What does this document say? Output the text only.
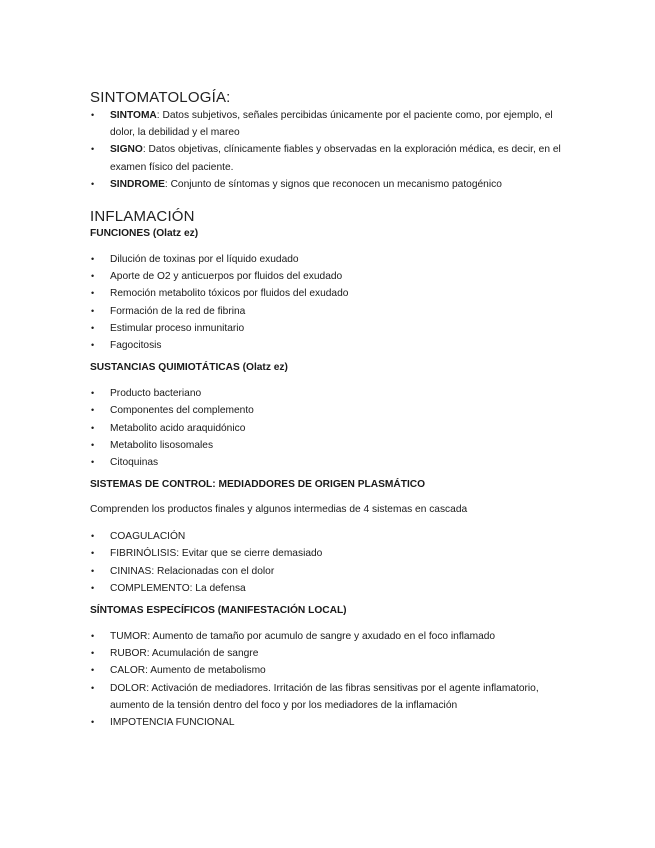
SINTOMATOLOGÍA:
• SINTOMA: Datos subjetivos, señales percibidas únicamente por el paciente como, por ejemplo, el dolor, la debilidad y el mareo
• SIGNO: Datos objetivas, clínicamente fiables y observadas en la exploración médica, es decir, en el examen físico del paciente.
• SINDROME: Conjunto de síntomas y signos que reconocen un mecanismo patogénico
INFLAMACIÓN

FUNCIONES (Olatz ez)

• Dilución de toxinas por el líquido exudado
• Aporte de O2 y anticuerpos por fluidos del exudado
• Remoción metabolito tóxicos por fluidos del exudado
• Formación de la red de fibrina
• Estimular proceso inmunitario
• Fagocitosis

SUSTANCIAS QUIMIOTÁTICAS (Olatz ez)

• Producto bacteriano
• Componentes del complemento
• Metabolito acido araquidónico
• Metabolito lisosomales
• Citoquinas

SISTEMAS DE CONTROL: MEDIADDORES DE ORIGEN PLASMÁTICO

Comprenden los productos finales y algunos intermedias de 4 sistemas en cascada

• COAGULACIÓN
• FIBRINÓLISIS: Evitar que se cierre demasiado
• CININAS: Relacionadas con el dolor
• COMPLEMENTO: La defensa

SÍNTOMAS ESPECÍFICOS (MANIFESTACIÓN LOCAL)

• TUMOR: Aumento de tamaño por acumulo de sangre y axudado en el foco inflamado
• RUBOR: Acumulación de sangre
• CALOR: Aumento de metabolismo
• DOLOR: Activación de mediadores. Irritación de las fibras sensitivas por el agente inflamatorio, aumento de la tensión dentro del foco y por los mediadores de la inflamación
• IMPOTENCIA FUNCIONAL
